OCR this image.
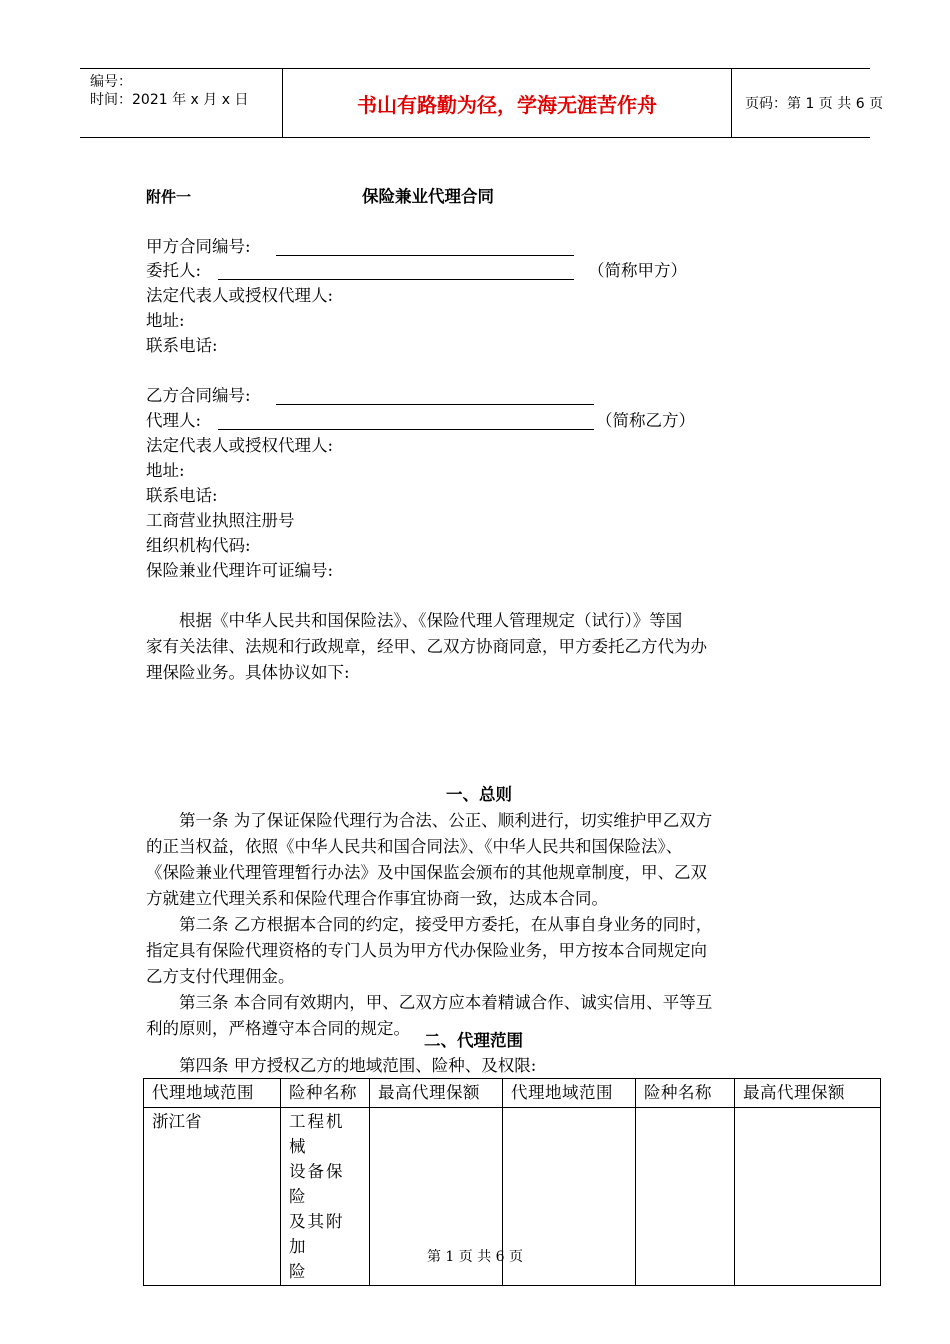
编号：
时间：2021 年 x 月 x 日	书山有路勤为径，学海无涯苦作舟	页码：第 1 页 共 6 页
附件一	保险兼业代理合同
甲方合同编号:
委托人:	（简称甲方）
法定代表人或授权代理人:
地址:
联系电话:
乙方合同编号:
代理人:	（简称乙方）
法定代表人或授权代理人:
地址:
联系电话:
工商营业执照注册号
组织机构代码:
保险兼业代理许可证编号:
　　根据《中华人民共和国保险法》、《保险代理人管理规定（试行）》等国
家有关法律、法规和行政规章，经甲、乙双方协商同意，甲方委托乙方代为办
理保险业务。具体协议如下:
一、总则
　　第一条 为了保证保险代理行为合法、公正、顺利进行，切实维护甲乙双方
的正当权益，依照《中华人民共和国合同法》、《中华人民共和国保险法》、
《保险兼业代理管理暂行办法》及中国保监会颁布的其他规章制度，甲、乙双
方就建立代理关系和保险代理合作事宜协商一致，达成本合同。
　　第二条 乙方根据本合同的约定，接受甲方委托，在从事自身业务的同时，
指定具有保险代理资格的专门人员为甲方代办保险业务，甲方按本合同规定向
乙方支付代理佣金。
　　第三条 本合同有效期内，甲、乙双方应本着精诚合作、诚实信用、平等互
利的原则，严格遵守本合同的规定。
二、代理范围
　　第四条 甲方授权乙方的地域范围、险种、及权限:
代理地域范围	险种名称	最高代理保额	代理地域范围	险种名称	最高代理保额
浙江省	工程机械
设备保险
及其附加
险				

第 1 页 共 6 页
